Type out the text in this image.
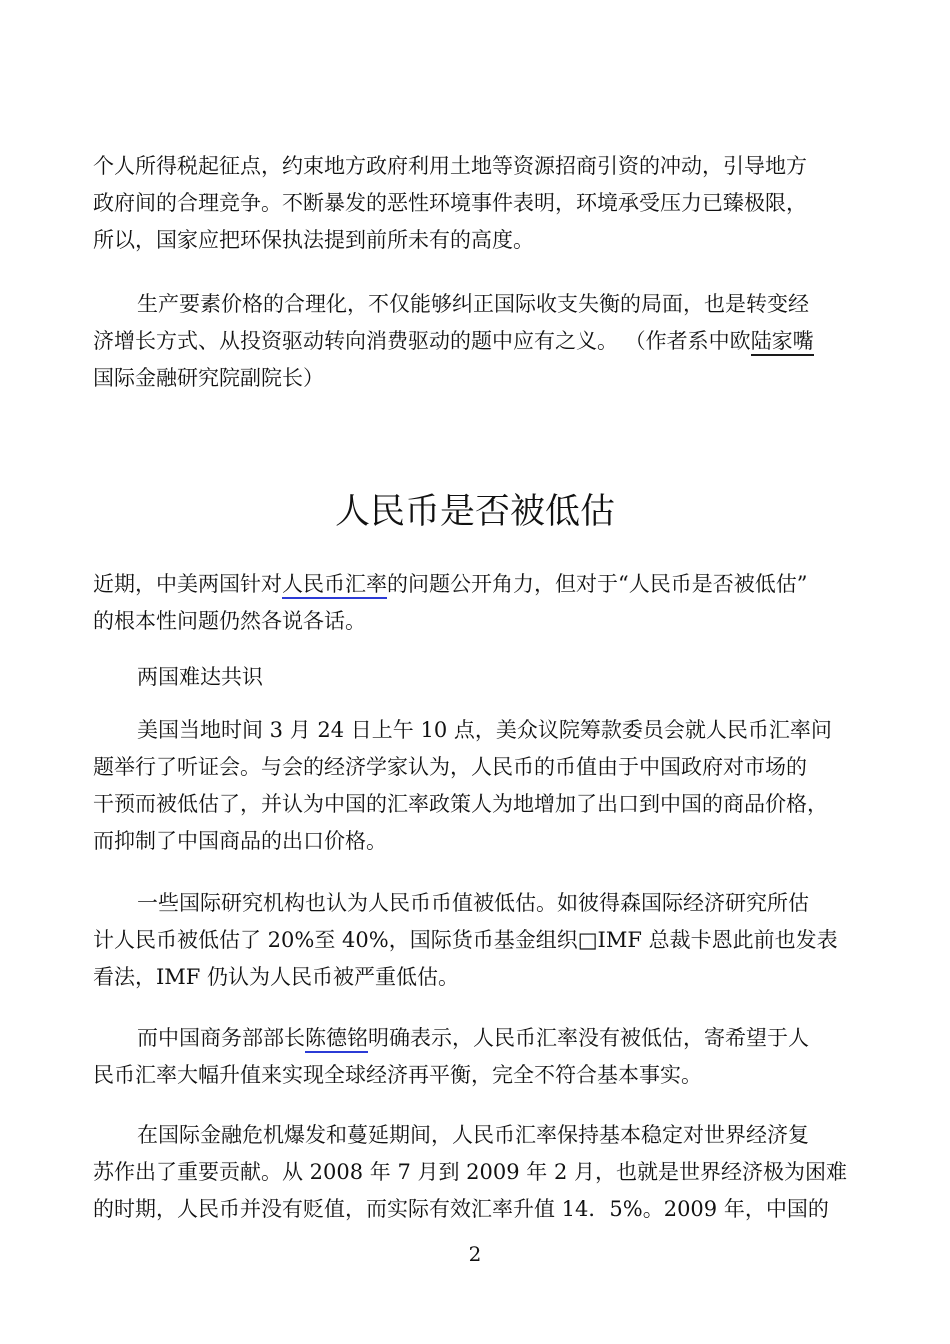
个人所得税起征点，约束地方政府利用土地等资源招商引资的冲动，引导地方
政府间的合理竞争。不断暴发的恶性环境事件表明，环境承受压力已臻极限，
所以，国家应把环保执法提到前所未有的高度。

生产要素价格的合理化，不仅能够纠正国际收支失衡的局面，也是转变经
济增长方式、从投资驱动转向消费驱动的题中应有之义。 （作者系中欧陆家嘴
国际金融研究院副院长）

人民币是否被低估

近期，中美两国针对人民币汇率的问题公开角力，但对于“人民币是否被低估”
的根本性问题仍然各说各话。

两国难达共识

美国当地时间 3 月 24 日上午 10 点，美众议院筹款委员会就人民币汇率问
题举行了听证会。与会的经济学家认为，人民币的币值由于中国政府对市场的
干预而被低估了，并认为中国的汇率政策人为地增加了出口到中国的商品价格，
而抑制了中国商品的出口价格。

一些国际研究机构也认为人民币币值被低估。如彼得森国际经济研究所估
计人民币被低估了 20%至 40%，国际货币基金组织□IMF 总裁卡恩此前也发表
看法，IMF 仍认为人民币被严重低估。

而中国商务部部长陈德铭明确表示，人民币汇率没有被低估，寄希望于人
民币汇率大幅升值来实现全球经济再平衡，完全不符合基本事实。

在国际金融危机爆发和蔓延期间，人民币汇率保持基本稳定对世界经济复
苏作出了重要贡献。从 2008 年 7 月到 2009 年 2 月，也就是世界经济极为困难
的时期，人民币并没有贬值，而实际有效汇率升值 14．5%。2009 年，中国的

2
